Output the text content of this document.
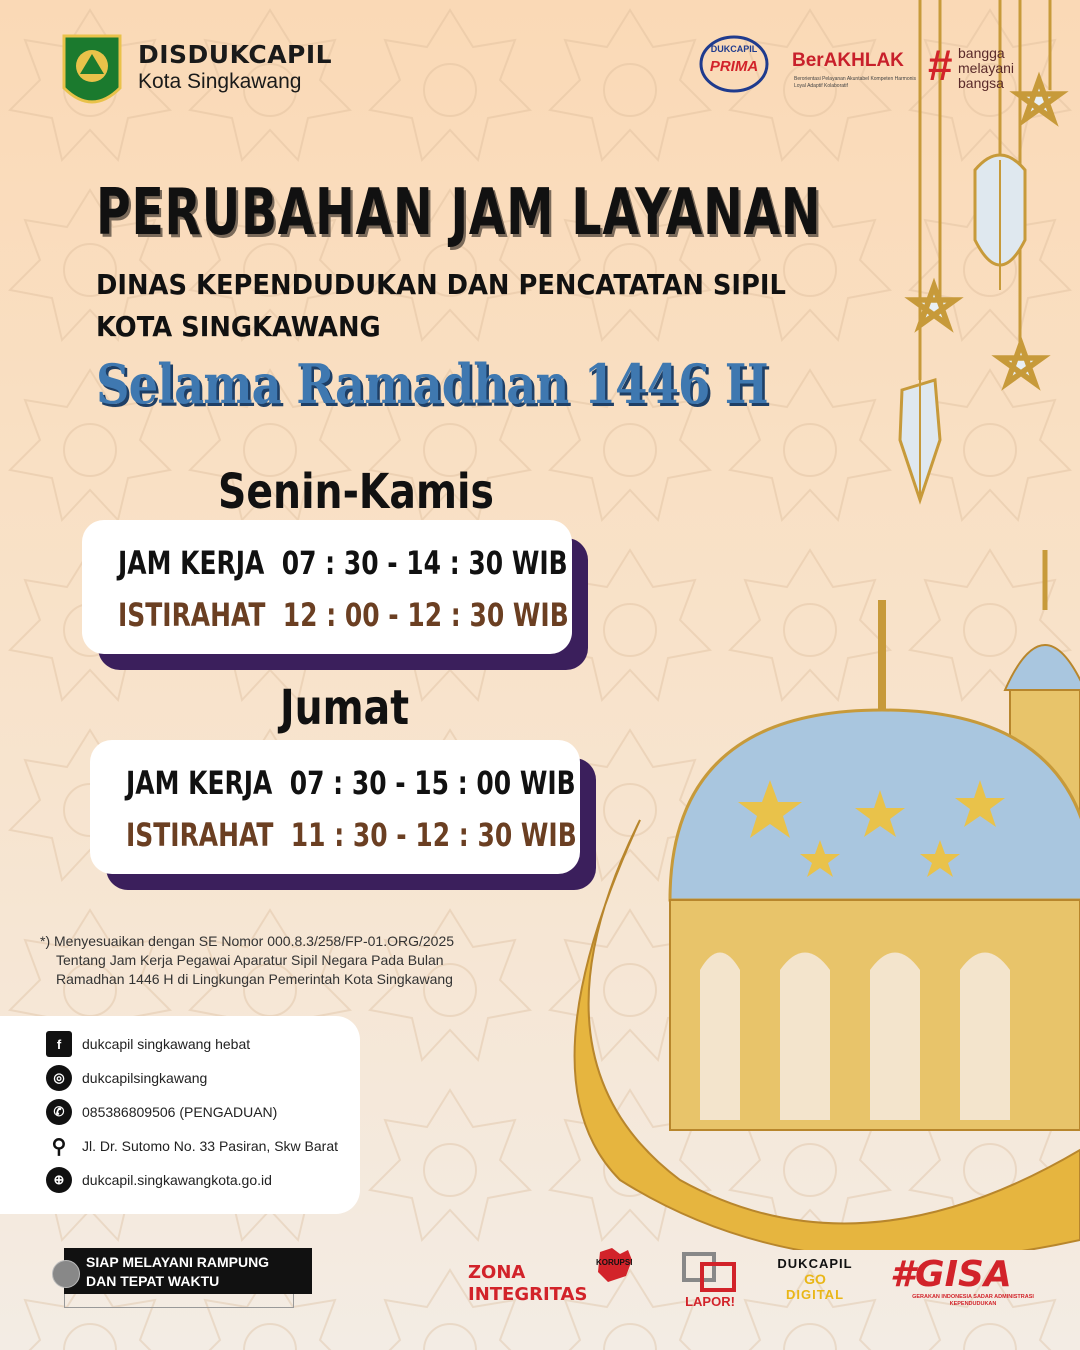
DISDUKCAPIL
Kota Singkawang
DUKCAPIL
PRIMA	BerAKHLAK
Berorientasi Pelayanan Akuntabel Kompeten Harmonis Loyal Adaptif Kolaboratif	# bangga
melayani
bangsa
PERUBAHAN JAM LAYANAN
DINAS KEPENDUDUKAN DAN PENCATATAN SIPIL
KOTA SINGKAWANG
Selama Ramadhan 1446 H
Senin-Kamis
JAM KERJA 07 : 30 - 14 : 30 WIB
ISTIRAHAT 12 : 00 - 12 : 30 WIB
Jumat
JAM KERJA 07 : 30 - 15 : 00 WIB
ISTIRAHAT 11 : 30 - 12 : 30 WIB
*) Menyesuaikan dengan SE Nomor 000.8.3/258/FP-01.ORG/2025
Tentang Jam Kerja Pegawai Aparatur Sipil Negara Pada Bulan
Ramadhan 1446 H di Lingkungan Pemerintah Kota Singkawang
f	dukcapil singkawang hebat
◎	dukcapilsingkawang
✆	085386809506 (PENGADUAN)
⚲	Jl. Dr. Sutomo No. 33 Pasiran, Skw Barat
⊕	dukcapil.singkawangkota.go.id
SIAP MELAYANI RAMPUNG
DAN TEPAT WAKTU	ZONA
INTEGRITAS
KORUPSI
LAPOR!
DUKCAPIL
GO
DIGITAL	#GISA
GERAKAN INDONESIA SADAR ADMINISTRASI KEPENDUDUKAN
